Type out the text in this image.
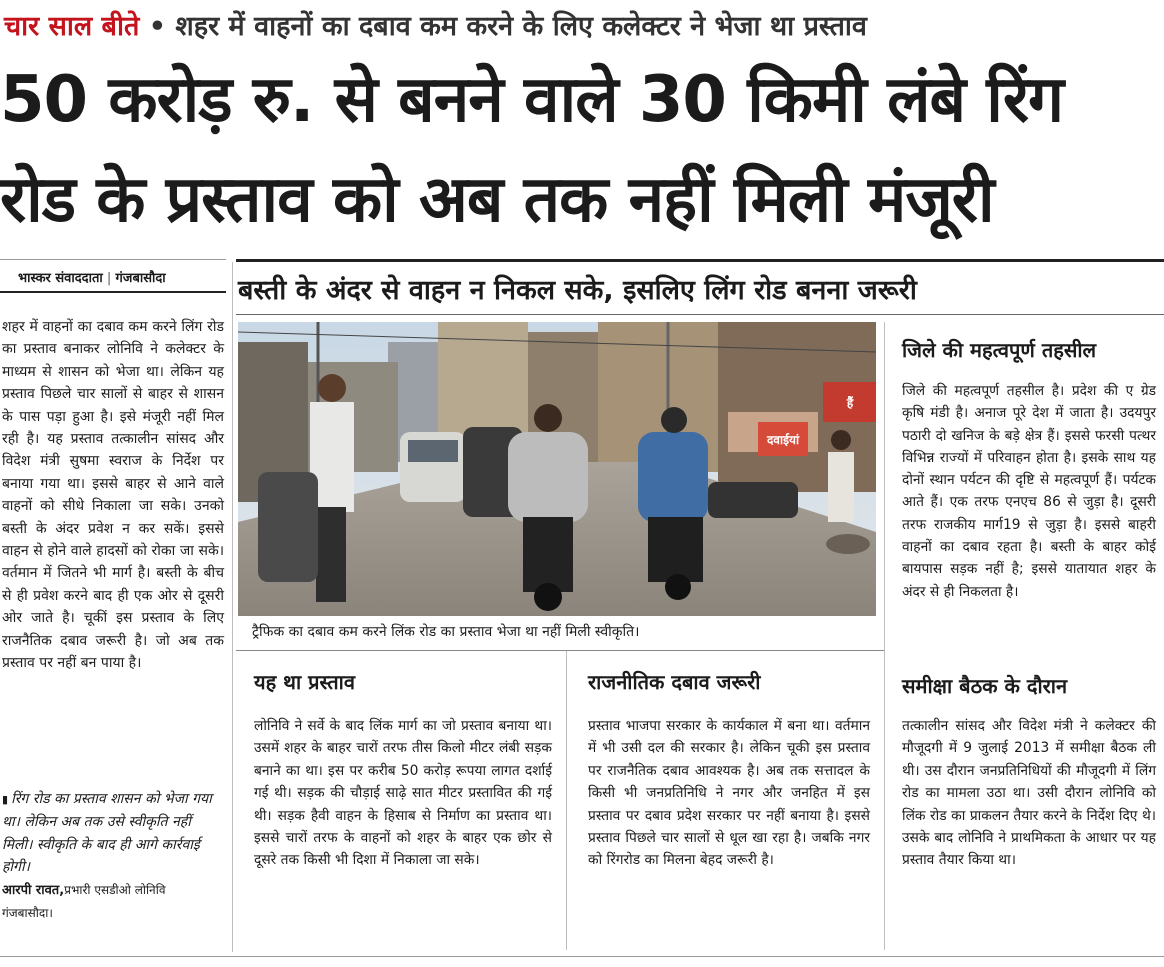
चार साल बीते • शहर में वाहनों का दबाव कम करने के लिए कलेक्टर ने भेजा था प्रस्ताव
50 करोड़ रु. से बनने वाले 30 किमी लंबे रिंग
रोड के प्रस्ताव को अब तक नहीं मिली मंजूरी
भास्कर संवाददाता | गंजबासौदा	बस्ती के अंदर से वाहन न निकल सके, इसलिए लिंग रोड बनना जरूरी

शहर में वाहनों का दबाव कम करने लिंग रोड का प्रस्ताव बनाकर लोनिवि ने कलेक्टर के माध्यम से शासन को भेजा था। लेकिन यह प्रस्ताव पिछले चार सालों से बाहर से शासन के पास पड़ा हुआ है। इसे मंजूरी नहीं मिल रही है। यह प्रस्ताव तत्कालीन सांसद और विदेश मंत्री सुषमा स्वराज के निर्देश पर बनाया गया था। इससे बाहर से आने वाले वाहनों को सीधे निकाला जा सके। उनको बस्ती के अंदर प्रवेश न कर सकें। इससे वाहन से होने वाले हादसों को रोका जा सके। वर्तमान में जितने भी मार्ग है। बस्ती के बीच से ही प्रवेश करने बाद ही एक ओर से दूसरी ओर जाते है। चूकीं इस प्रस्ताव के लिए राजनैतिक दबाव जरूरी है। जो अब तक प्रस्ताव पर नहीं बन पाया है।

▮ रिंग रोड का प्रस्ताव शासन को भेजा गया था। लेकिन अब तक उसे स्वीकृति नहीं मिली। स्वीकृति के बाद ही आगे कार्रवाई होगी।
आरपी रावत,प्रभारी एसडीओ लोनिवि
गंजबासौदा।
दवाईयां
हैं
ट्रैफिक का दबाव कम करने लिंक रोड का प्रस्ताव भेजा था नहीं मिली स्वीकृति।
यह था प्रस्ताव
लोनिवि ने सर्वे के बाद लिंक मार्ग का जो प्रस्ताव बनाया था। उसमें शहर के बाहर चारों तरफ तीस किलो मीटर लंबी सड़क बनाने का था। इस पर करीब 50 करोड़ रूपया लागत दर्शाई गई थी। सड़क की चौड़ाई साढ़े सात मीटर प्रस्तावित की गई थी। सड़क हैवी वाहन के हिसाब से निर्माण का प्रस्ताव था। इससे चारों तरफ के वाहनों को शहर के बाहर एक छोर से दूसरे तक किसी भी दिशा में निकाला जा सके।
राजनीतिक दबाव जरूरी
प्रस्ताव भाजपा सरकार के कार्यकाल में बना था। वर्तमान में भी उसी दल की सरकार है। लेकिन चूकी इस प्रस्ताव पर राजनैतिक दबाव आवश्यक है। अब तक सत्तादल के किसी भी जनप्रतिनिधि ने नगर और जनहित में इस प्रस्ताव पर दबाव प्रदेश सरकार पर नहीं बनाया है। इससे प्रस्ताव पिछले चार सालों से धूल खा रहा है। जबकि नगर को रिंगरोड का मिलना बेहद जरूरी है।
जिले की महत्वपूर्ण तहसील
जिले की महत्वपूर्ण तहसील है। प्रदेश की ए ग्रेड कृषि मंडी है। अनाज पूरे देश में जाता है। उदयपुर पठारी दो खनिज के बड़े क्षेत्र हैं। इससे फरसी पत्थर विभिन्न राज्यों में परिवाहन होता है। इसके साथ यह दोनों स्थान पर्यटन की दृष्टि से महत्वपूर्ण हैं। पर्यटक आते हैं। एक तरफ एनएच 86 से जुड़ा है। दूसरी तरफ राजकीय मार्ग19 से जुड़ा है। इससे बाहरी वाहनों का दबाव रहता है। बस्ती के बाहर कोई बायपास सड़क नहीं है; इससे यातायात शहर के अंदर से ही निकलता है।
समीक्षा बैठक के दौरान
तत्कालीन सांसद और विदेश मंत्री ने कलेक्टर की मौजूदगी में 9 जुलाई 2013 में समीक्षा बैठक ली थी। उस दौरान जनप्रतिनिधियों की मौजूदगी में लिंग रोड का मामला उठा था। उसी दौरान लोनिवि को लिंक रोड का प्राकलन तैयार करने के निर्देश दिए थे। उसके बाद लोनिवि ने प्राथमिकता के आधार पर यह प्रस्ताव तैयार किया था।
